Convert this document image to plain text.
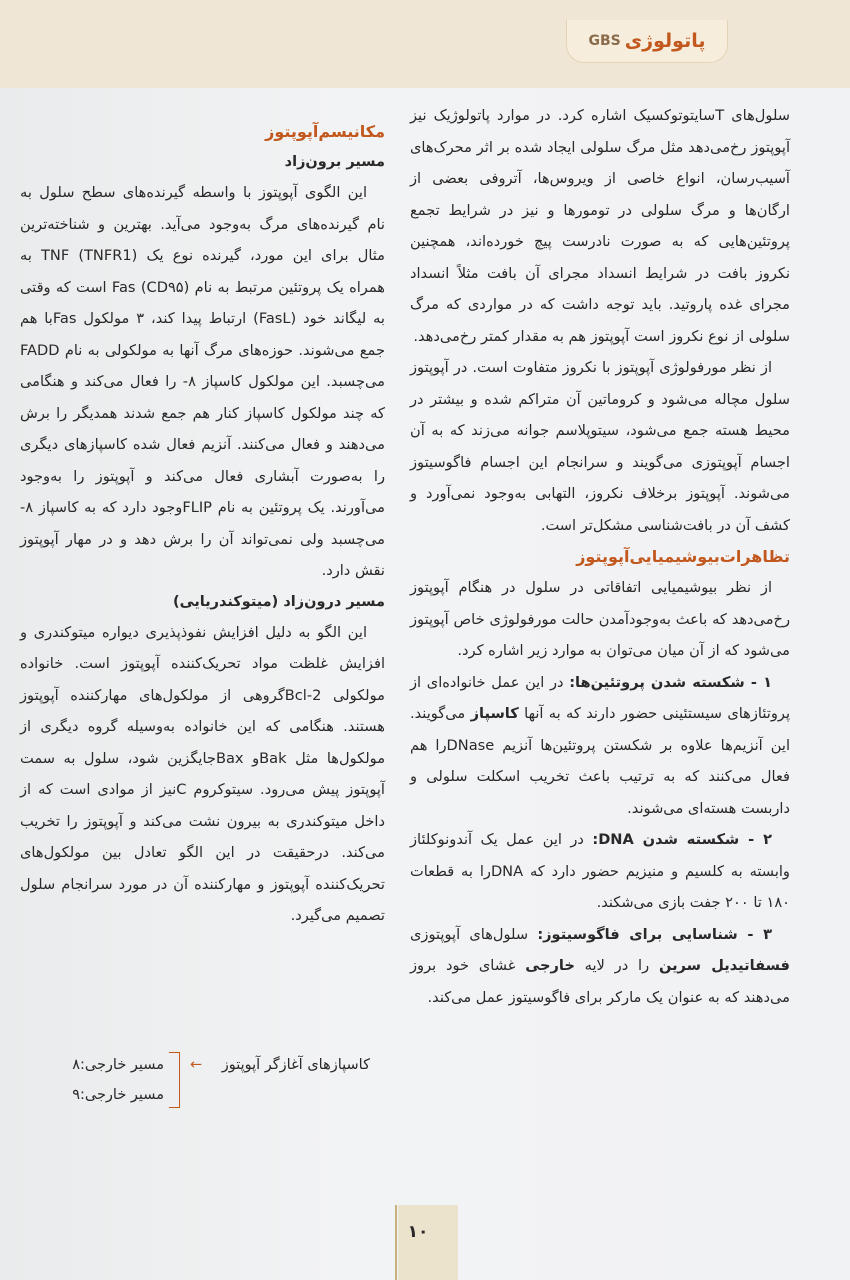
پاتولوژی
GBS

سلول‌های Tسایتوتوکسیک اشاره کرد. در موارد پاتولوژیک نیز آپوپتوز رخ‌می‌دهد مثل مرگ سلولی ایجاد شده بر اثر محرک‌های آسیب‌رسان، انواع خاصی از ویروس‌ها، آتروفی بعضی از ارگان‌ها و مرگ سلولی در تومورها و نیز در شرایط تجمع پروتئین‌هایی که به صورت نادرست پیچ خورده‌اند، همچنین نکروز بافت در شرایط انسداد مجرای آن بافت مثلاً انسداد مجرای غده پاروتید. باید توجه داشت که در مواردی که مرگ سلولی از نوع نکروز است آپوپتوز هم به مقدار کمتر رخ‌می‌دهد.

از نظر مورفولوژی آپوپتوز با نکروز متفاوت است. در آپوپتوز سلول مچاله می‌شود و کروماتین آن متراکم شده و بیشتر در محیط هسته جمع می‌شود، سیتوپلاسم جوانه می‌زند که به آن اجسام آپوپتوزی می‌گویند و سرانجام این اجسام فاگوسیتوز می‌شوند. آپوپتوز برخلاف نکروز، التهابی به‌وجود نمی‌آورد و کشف آن در بافت‌شناسی مشکل‌تر است.

تظاهرات‌بیوشیمیایی‌آپوپتوز

از نظر بیوشیمیایی اتفاقاتی در سلول در هنگام آپوپتوز رخ‌می‌دهد که باعث به‌وجودآمدن حالت مورفولوژی خاص آپوپتوز می‌شود که از آن میان می‌توان به موارد زیر اشاره کرد.

۱ - شکسته شدن پروتئین‌ها: در این عمل خانواده‌ای از پروتئازهای سیستئینی حضور دارند که به آنها کاسپاز می‌گویند. این آنزیم‌ها علاوه بر شکستن پروتئین‌ها آنزیم DNaseرا هم فعال می‌کنند که به ترتیب باعث تخریب اسکلت سلولی و داربست هسته‌ای می‌شوند.

۲ - شکسته شدن DNA: در این عمل یک آندونوکلئاز وابسته به کلسیم و منیزیم حضور دارد که DNAرا به قطعات ۱۸۰ تا ۲۰۰ جفت بازی می‌شکند.

۳ - شناسایی برای فاگوسیتوز: سلول‌های آپوپتوزی فسفاتیدیل سرین را در لایه خارجی غشای خود بروز می‌دهند که به عنوان یک مارکر برای فاگوسیتوز عمل می‌کند.

مکانیسم‌آپوپتوز

مسیر برون‌زاد

این الگوی آپوپتوز با واسطه گیرنده‌های سطح سلول به نام گیرنده‌های مرگ به‌وجود می‌آید. بهترین و شناخته‌ترین مثال برای این مورد، گیرنده نوع یک TNF (TNFR1) به همراه یک پروتئین مرتبط به نام Fas (CD۹۵) است که وقتی به لیگاند خود (FasL) ارتباط پیدا کند، ۳ مولکول Fasبا هم جمع می‌شوند. حوزه‌های مرگ آنها به مولکولی به نام FADD می‌چسبد. این مولکول کاسپاز ۸- را فعال می‌کند و هنگامی که چند مولکول کاسپاز کنار هم جمع شدند همدیگر را برش می‌دهند و فعال می‌کنند. آنزیم فعال شده کاسپازهای دیگری را به‌صورت آبشاری فعال می‌کند و آپوپتوز را به‌وجود می‌آورند. یک پروتئین به نام FLIPوجود دارد که به کاسپاز ۸- می‌چسبد ولی نمی‌تواند آن را برش دهد و در مهار آپوپتوز نقش دارد.

مسیر درون‌زاد (میتوکندریایی)

این الگو به دلیل افزایش نفوذپذیری دیواره میتوکندری و افزایش غلظت مواد تحریک‌کننده آپوپتوز است. خانواده مولکولی Bcl-2گروهی از مولکول‌های مهارکننده آپوپتوز هستند. هنگامی که این خانواده به‌وسیله گروه دیگری از مولکول‌ها مثل Bakو Baxجایگزین شود، سلول به سمت آپوپتوز پیش می‌رود. سیتوکروم Cنیز از موادی است که از داخل میتوکندری به بیرون نشت می‌کند و آپوپتوز را تخریب می‌کند. درحقیقت در این الگو تعادل بین مولکول‌های تحریک‌کننده آپوپتوز و مهارکننده آن در مورد سرانجام سلول تصمیم می‌گیرد.

کاسپازهای آغازگر آپوپتوز
←
مسیر خارجی:۸
مسیر خارجی:۹
۱۰
